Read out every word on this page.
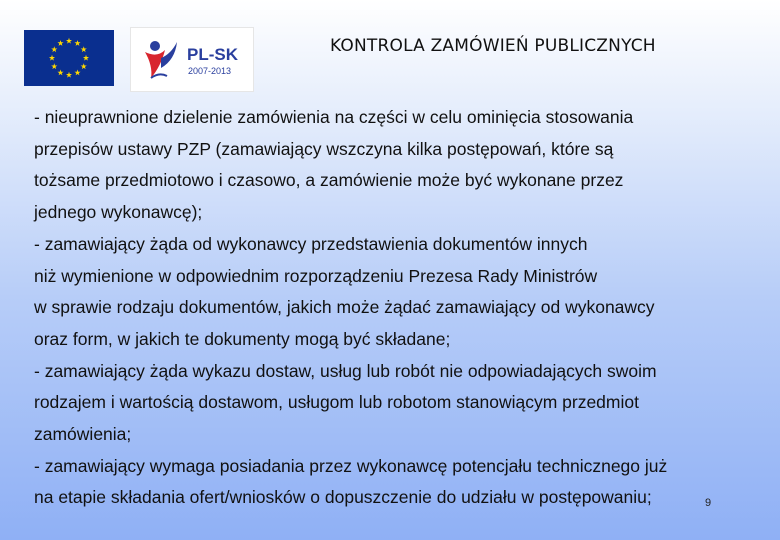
PL-SK
2007-2013
KONTROLA ZAMÓWIEŃ PUBLICZNYCH
- nieuprawnione dzielenie zamówienia na części w celu ominięcia stosowania
przepisów ustawy PZP (zamawiający wszczyna kilka postępowań, które są
tożsame przedmiotowo i czasowo, a zamówienie może być wykonane przez
jednego wykonawcę);
- zamawiający żąda od wykonawcy przedstawienia dokumentów innych
niż wymienione w odpowiednim rozporządzeniu Prezesa Rady Ministrów
w sprawie rodzaju dokumentów, jakich może żądać zamawiający od wykonawcy
oraz form, w jakich te dokumenty mogą być składane;
- zamawiający żąda wykazu dostaw, usług lub robót nie odpowiadających swoim
rodzajem i wartością dostawom, usługom lub robotom stanowiącym przedmiot
zamówienia;
- zamawiający wymaga posiadania przez wykonawcę potencjału technicznego już
na etapie składania ofert/wniosków o dopuszczenie do udziału w postępowaniu;	9
